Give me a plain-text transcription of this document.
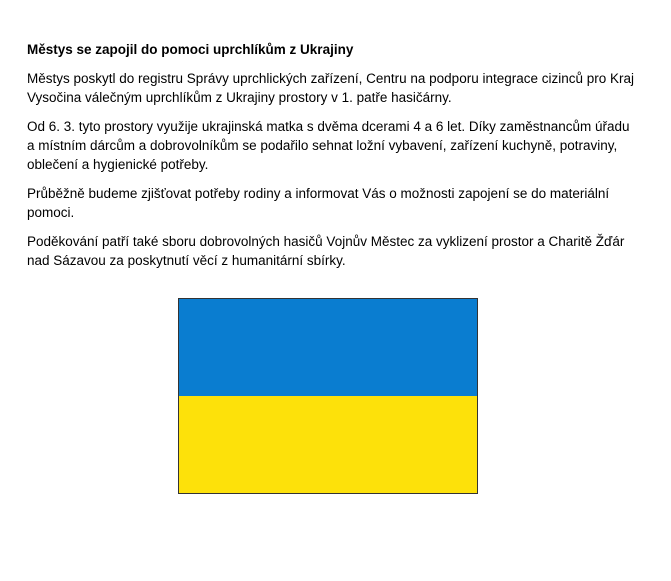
Městys se zapojil do pomoci uprchlíkům z Ukrajiny
Městys poskytl do registru Správy uprchlických zařízení, Centru na podporu integrace cizinců pro Kraj
Vysočina válečným uprchlíkům z Ukrajiny prostory v 1. patře hasičárny.
Od 6. 3. tyto prostory využije ukrajinská matka s dvěma dcerami 4 a 6 let. Díky zaměstnancům úřadu
a místním dárcům a dobrovolníkům se podařilo sehnat ložní vybavení, zařízení kuchyně, potraviny,
oblečení a hygienické potřeby.
Průběžně budeme zjišťovat potřeby rodiny a informovat Vás o možnosti zapojení se do materiální
pomoci.
Poděkování patří také sboru dobrovolných hasičů Vojnův Městec za vyklizení prostor a Charitě Žďár
nad Sázavou za poskytnutí věcí z humanitární sbírky.
